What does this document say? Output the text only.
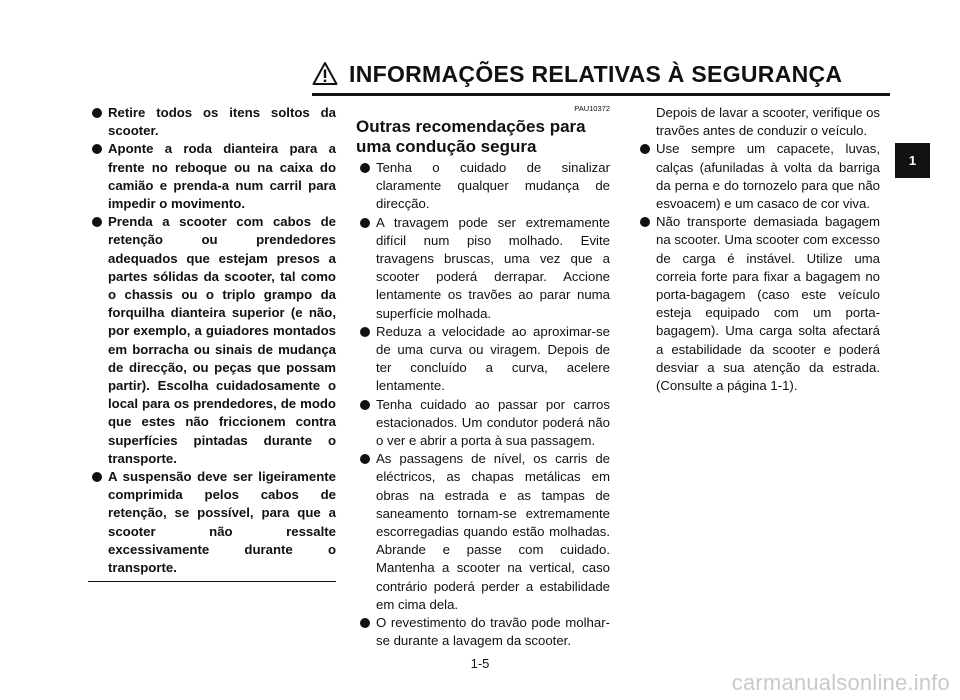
INFORMAÇÕES RELATIVAS À SEGURANÇA
1
Retire todos os itens soltos da scooter.
Aponte a roda dianteira para a frente no reboque ou na caixa do camião e prenda-a num carril para impedir o movimento.
Prenda a scooter com cabos de retenção ou prendedores adequados que estejam presos a partes sólidas da scooter, tal como o chassis ou o triplo grampo da forquilha dianteira superior (e não, por exemplo, a guiadores montados em borracha ou sinais de mudança de direcção, ou peças que possam partir). Escolha cuidadosamente o local para os prendedores, de modo que estes não friccionem contra superfícies pintadas durante o transporte.
A suspensão deve ser ligeiramente comprimida pelos cabos de retenção, se possível, para que a scooter não ressalte excessivamente durante o transporte.
PAU10372
Outras recomendações para uma condução segura
Tenha o cuidado de sinalizar claramente qualquer mudança de direcção.
A travagem pode ser extremamente difícil num piso molhado. Evite travagens bruscas, uma vez que a scooter poderá derrapar. Accione lentamente os travões ao parar numa superfície molhada.
Reduza a velocidade ao aproximar-se de uma curva ou viragem. Depois de ter concluído a curva, acelere lentamente.
Tenha cuidado ao passar por carros estacionados. Um condutor poderá não o ver e abrir a porta à sua passagem.
As passagens de nível, os carris de eléctricos, as chapas metálicas em obras na estrada e as tampas de saneamento tornam-se extremamente escorregadias quando estão molhadas. Abrande e passe com cuidado. Mantenha a scooter na vertical, caso contrário poderá perder a estabilidade em cima dela.
O revestimento do travão pode molhar-se durante a lavagem da scooter.
Depois de lavar a scooter, verifique os travões antes de conduzir o veículo.
Use sempre um capacete, luvas, calças (afuniladas à volta da barriga da perna e do tornozelo para que não esvoacem) e um casaco de cor viva.
Não transporte demasiada bagagem na scooter. Uma scooter com excesso de carga é instável. Utilize uma correia forte para fixar a bagagem no porta-bagagem (caso este veículo esteja equipado com um porta-bagagem). Uma carga solta afectará a estabilidade da scooter e poderá desviar a sua atenção da estrada. (Consulte a página 1-1).
1-5
carmanualsonline.info
